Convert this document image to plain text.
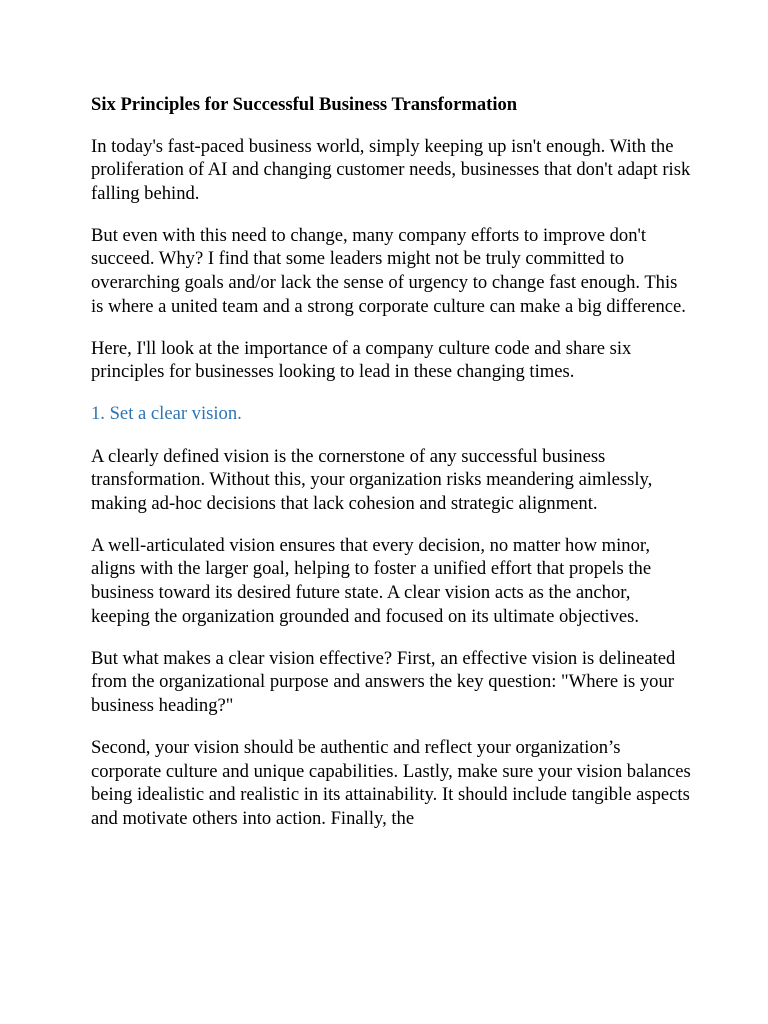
Six Principles for Successful Business Transformation

In today's fast-paced business world, simply keeping up isn't enough. With the proliferation of AI and changing customer needs, businesses that don't adapt risk falling behind.

But even with this need to change, many company efforts to improve don't succeed. Why? I find that some leaders might not be truly committed to overarching goals and/or lack the sense of urgency to change fast enough. This is where a united team and a strong corporate culture can make a big difference.

Here, I'll look at the importance of a company culture code and share six principles for businesses looking to lead in these changing times.

1. Set a clear vision.

A clearly defined vision is the cornerstone of any successful business transformation. Without this, your organization risks meandering aimlessly, making ad-hoc decisions that lack cohesion and strategic alignment.

A well-articulated vision ensures that every decision, no matter how minor, aligns with the larger goal, helping to foster a unified effort that propels the business toward its desired future state. A clear vision acts as the anchor, keeping the organization grounded and focused on its ultimate objectives.

But what makes a clear vision effective? First, an effective vision is delineated from the organizational purpose and answers the key question: "Where is your business heading?"

Second, your vision should be authentic and reflect your organization’s corporate culture and unique capabilities. Lastly, make sure your vision balances being idealistic and realistic in its attainability. It should include tangible aspects and motivate others into action. Finally, the
